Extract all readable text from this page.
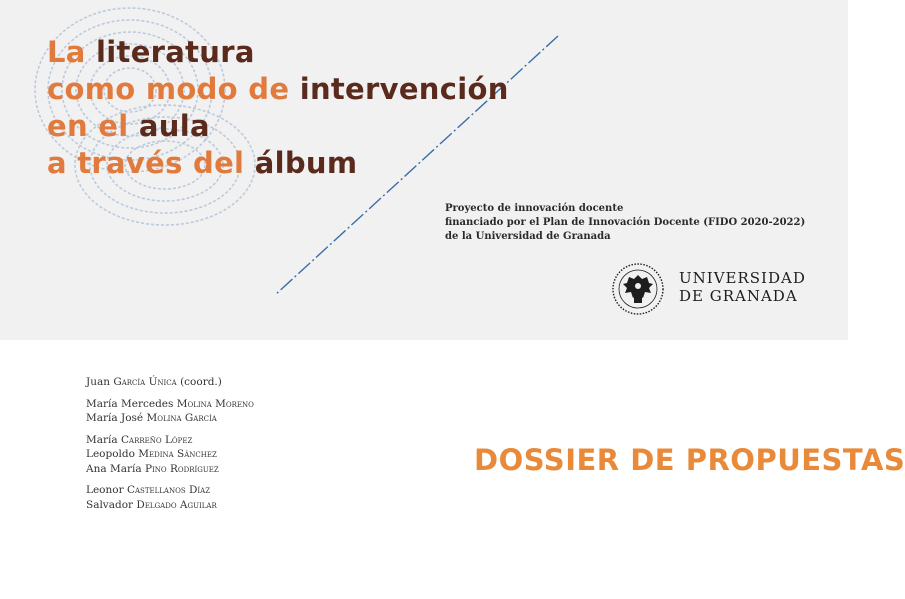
La literatura
como modo de intervención
en el aula
a través del álbum
Proyecto de innovación docente
financiado por el Plan de Innovación Docente (FIDO 2020-2022)
de la Universidad de Granada
UNIVERSIDAD
DE GRANADA
Juan García Única (coord.)
María Mercedes Molina Moreno
María José Molina García
María Carreño López
Leopoldo Medina Sánchez
Ana María Pino Rodríguez
Leonor Castellanos Díaz
Salvador Delgado Aguilar
DOSSIER DE PROPUESTAS
